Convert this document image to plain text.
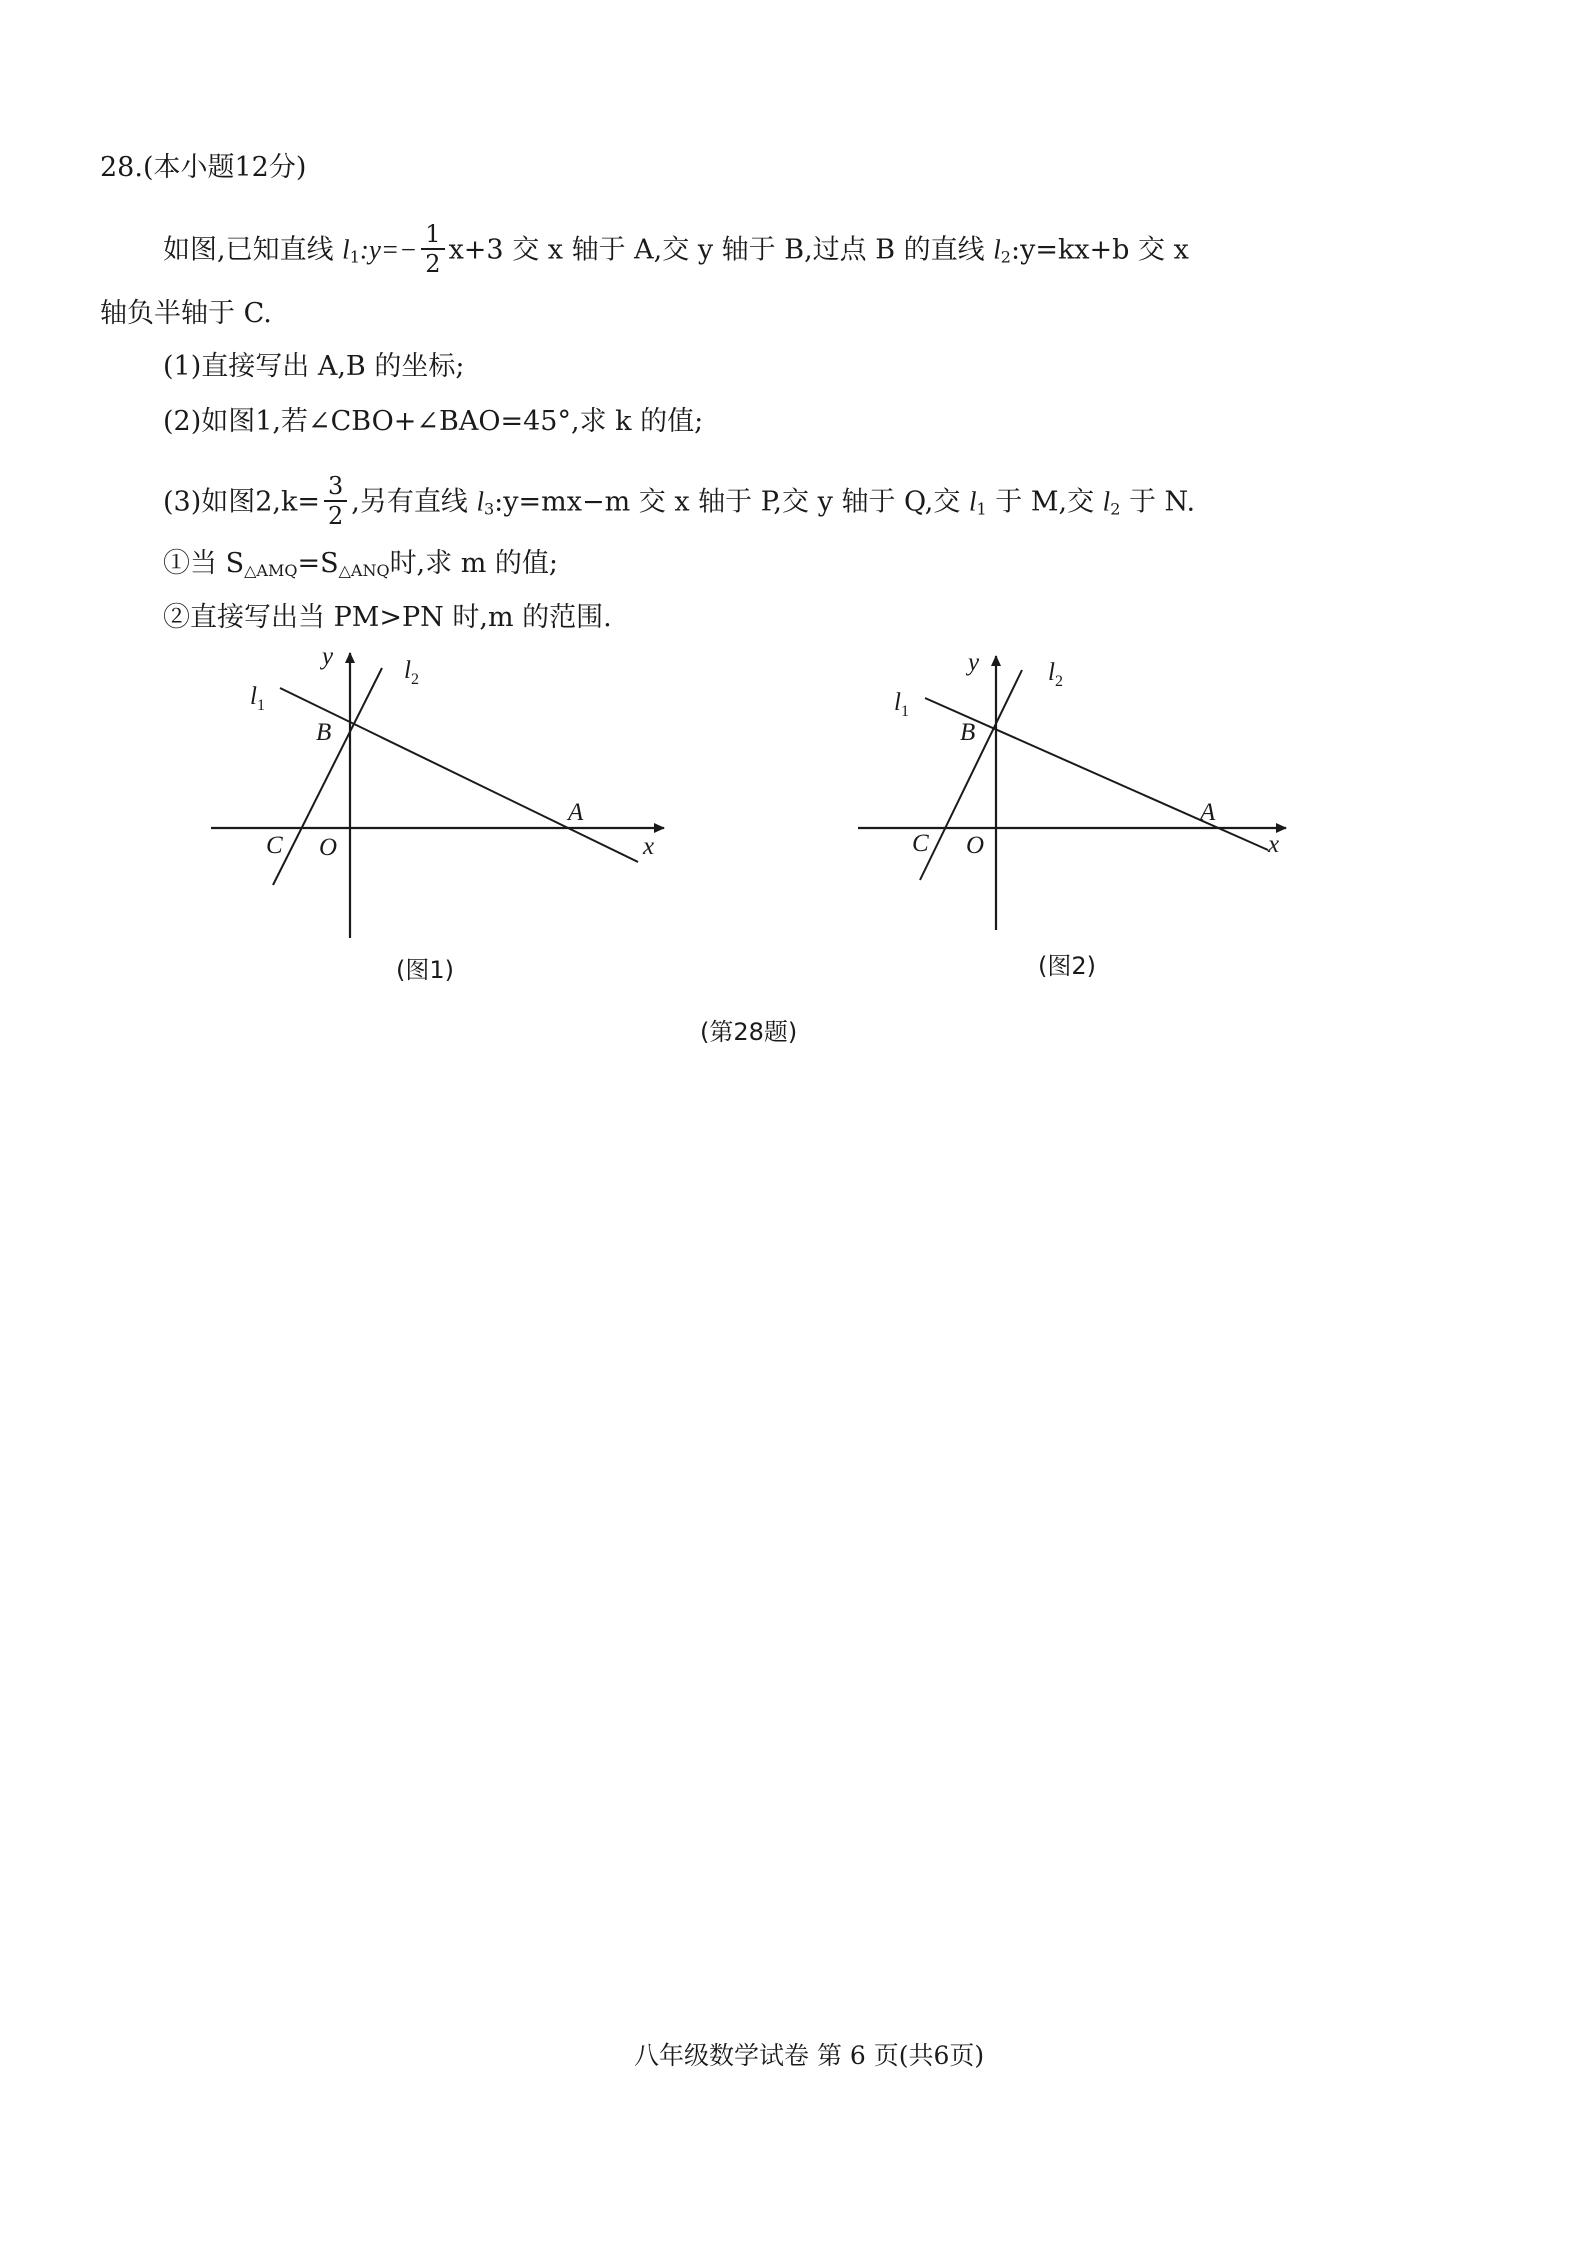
28.(本小题12分)
如图,已知直线 $l_1:y=- \frac{1}{2} x+3$ 交 x 轴于 A,交 y 轴于 B,过点 B 的直线 $l_2:y=kx+b$ 交 x
轴负半轴于 C.
(1)直接写出 A,B 的坐标;
(2)如图1,若∠CBO+∠BAO=45°,求 k 的值;
(3)如图$2,k= \frac{3}{2}$ ,另有直线 $l_3:y=mx-m$ 交 x 轴于 P,交 y 轴于 Q,交 $l_1$ 于 M,交 $l_2$ 于 N.
①当 $S_{\triangle AMQ}=S_{\triangle ANQ}$时,求 m 的值;
②直接写出当 PM>PN 时,m 的范围.
y
x
l 1
l 2
B
A
C O
(图1)
y
x
l 1
l 2
B
A
C O
(图2)
(第28题)
八年级数学试卷 第 6 页(共6页)
